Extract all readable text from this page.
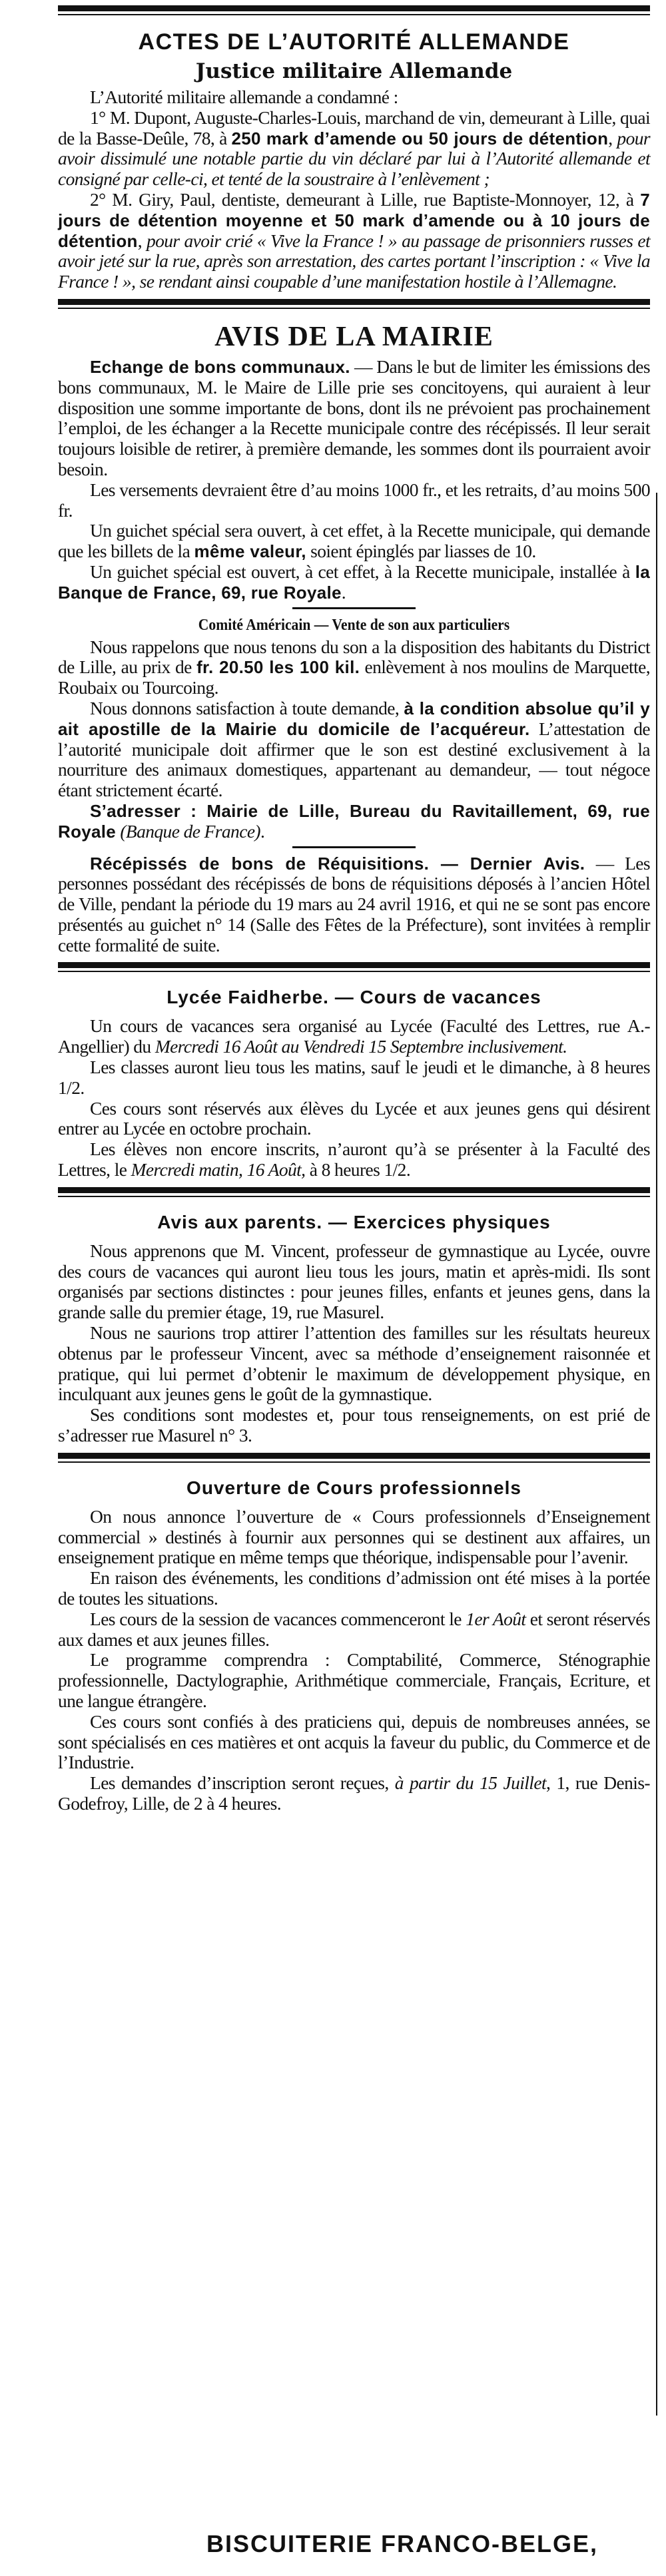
ACTES DE L’AUTORITÉ ALLEMANDE
Justice militaire Allemande

L’Autorité militaire allemande a condamné :

1° M. Dupont, Auguste-Charles-Louis, marchand de vin, demeurant à Lille, quai de la Basse-Deûle, 78, à 250 mark d’amende ou 50 jours de détention, pour avoir dissimulé une notable partie du vin déclaré par lui à l’Autorité allemande et consigné par celle-ci, et tenté de la soustraire à l’enlèvement ;

2° M. Giry, Paul, dentiste, demeurant à Lille, rue Baptiste-Monnoyer, 12, à 7 jours de détention moyenne et 50 mark d’amende ou à 10 jours de détention, pour avoir crié « Vive la France ! » au passage de prisonniers russes et avoir jeté sur la rue, après son arrestation, des cartes portant l’inscription : « Vive la France ! », se rendant ainsi coupable d’une manifestation hostile à l’Allemagne.

AVIS DE LA MAIRIE

Echange de bons communaux. — Dans le but de limiter les émissions des bons communaux, M. le Maire de Lille prie ses concitoyens, qui auraient à leur disposition une somme importante de bons, dont ils ne prévoient pas prochainement l’emploi, de les échanger a la Recette municipale contre des récépissés. Il leur serait toujours loisible de retirer, à première demande, les sommes dont ils pourraient avoir besoin.

Les versements devraient être d’au moins 1000 fr., et les retraits, d’au moins 500 fr.

Un guichet spécial sera ouvert, à cet effet, à la Recette municipale, qui demande que les billets de la même valeur, soient épinglés par liasses de 10.

Un guichet spécial est ouvert, à cet effet, à la Recette municipale, installée à la Banque de France, 69, rue Royale.

Comité Américain — Vente de son aux particuliers

Nous rappelons que nous tenons du son a la disposition des habitants du District de Lille, au prix de fr. 20.50 les 100 kil. enlèvement à nos moulins de Marquette, Roubaix ou Tourcoing.

Nous donnons satisfaction à toute demande, à la condition absolue qu’il y ait apostille de la Mairie du domicile de l’acquéreur. L’attestation de l’autorité municipale doit affirmer que le son est destiné exclusivement à la nourriture des animaux domestiques, appartenant au demandeur, — tout négoce étant strictement écarté.

S’adresser : Mairie de Lille, Bureau du Ravitaillement, 69, rue Royale (Banque de France).

Récépissés de bons de Réquisitions. — Dernier Avis. — Les personnes possédant des récépissés de bons de réquisitions déposés à l’ancien Hôtel de Ville, pendant la période du 19 mars au 24 avril 1916, et qui ne se sont pas encore présentés au guichet n° 14 (Salle des Fêtes de la Préfecture), sont invitées à remplir cette formalité de suite.

Lycée Faidherbe. — Cours de vacances

Un cours de vacances sera organisé au Lycée (Faculté des Lettres, rue A.-Angellier) du Mercredi 16 Août au Vendredi 15 Septembre inclusivement.

Les classes auront lieu tous les matins, sauf le jeudi et le dimanche, à 8 heures 1/2.

Ces cours sont réservés aux élèves du Lycée et aux jeunes gens qui désirent entrer au Lycée en octobre prochain.

Les élèves non encore inscrits, n’auront qu’à se présenter à la Faculté des Lettres, le Mercredi matin, 16 Août, à 8 heures 1/2.

Avis aux parents. — Exercices physiques

Nous apprenons que M. Vincent, professeur de gymnastique au Lycée, ouvre des cours de vacances qui auront lieu tous les jours, matin et après-midi. Ils sont organisés par sections distinctes : pour jeunes filles, enfants et jeunes gens, dans la grande salle du premier étage, 19, rue Masurel.

Nous ne saurions trop attirer l’attention des familles sur les résultats heureux obtenus par le professeur Vincent, avec sa méthode d’enseignement raisonnée et pratique, qui lui permet d’obtenir le maximum de développement physique, en inculquant aux jeunes gens le goût de la gymnastique.

Ses conditions sont modestes et, pour tous renseignements, on est prié de s’adresser rue Masurel n° 3.

Ouverture de Cours professionnels

On nous annonce l’ouverture de « Cours professionnels d’Enseignement commercial » destinés à fournir aux personnes qui se destinent aux affaires, un enseignement pratique en même temps que théorique, indispensable pour l’avenir.

En raison des événements, les conditions d’admission ont été mises à la portée de toutes les situations.

Les cours de la session de vacances commenceront le 1er Août et seront réservés aux dames et aux jeunes filles.

Le programme comprendra : Comptabilité, Commerce, Sténographie professionnelle, Dactylographie, Arithmétique commerciale, Français, Ecriture, et une langue étrangère.

Ces cours sont confiés à des praticiens qui, depuis de nombreuses années, se sont spécialisés en ces matières et ont acquis la faveur du public, du Commerce et de l’Industrie.

Les demandes d’inscription seront reçues, à partir du 15 Juillet, 1, rue Denis-Godefroy, Lille, de 2 à 4 heures.

BISCUITERIE FRANCO-BELGE,
